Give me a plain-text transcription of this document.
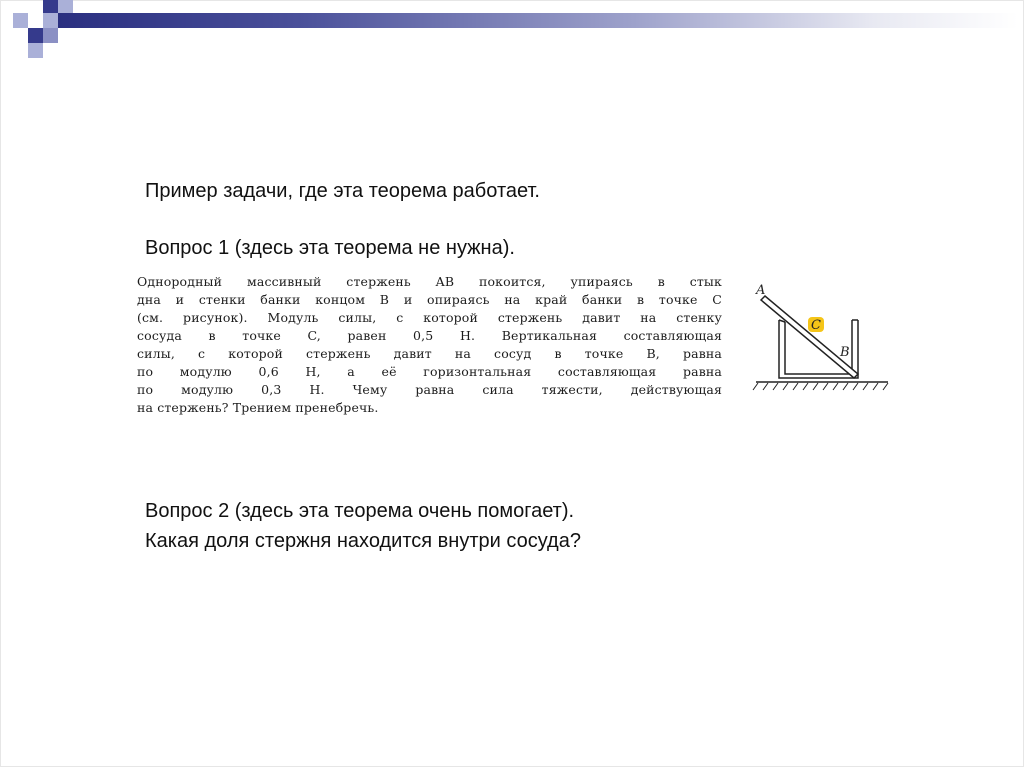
Пример задачи, где эта теорема работает.
Вопрос 1 (здесь эта теорема не нужна).
Однородный массивный стержень AB покоится, упираясь в стык
дна и стенки банки концом B и опираясь на край банки в точке C
(см. рисунок). Модуль силы, с которой стержень давит на стенку
сосуда в точке C, равен 0,5 Н. Вертикальная составляющая
силы, с которой стержень давит на сосуд в точке B, равна
по модулю 0,6 Н, а её горизонтальная составляющая равна
по модулю 0,3 Н. Чему равна сила тяжести, действующая
на стержень? Трением пренебречь.
C
A
B
Вопрос 2 (здесь эта теорема очень помогает).
Какая доля стержня находится внутри сосуда?
